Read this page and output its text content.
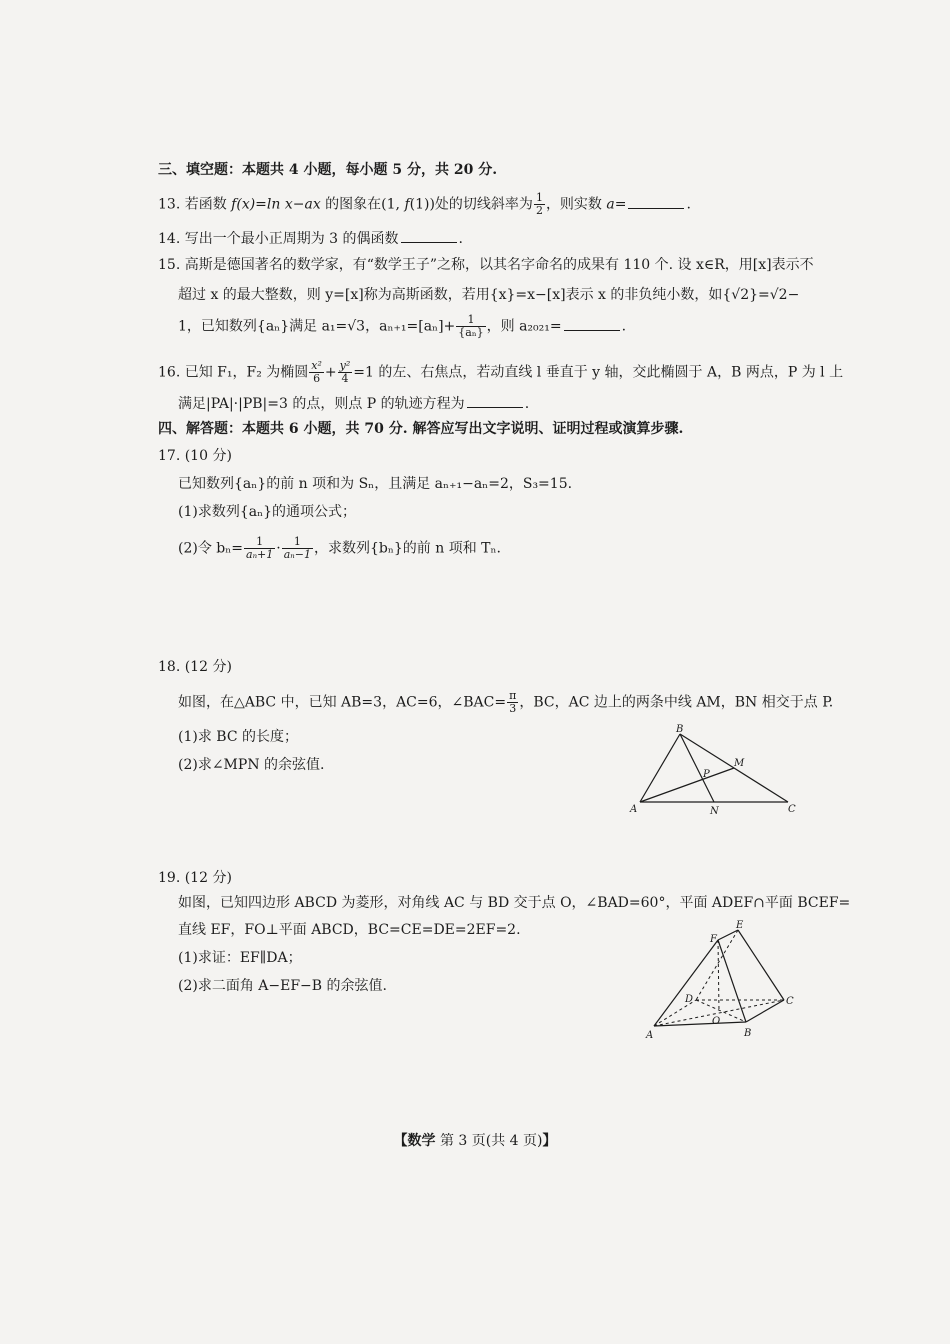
三、填空题：本题共 4 小题，每小题 5 分，共 20 分.
13. 若函数 f(x)=ln x−ax 的图象在(1, f(1))处的切线斜率为 $\frac{1}{2}$ ，则实数 a=	.
14. 写出一个最小正周期为 3 的偶函数	.
15. 高斯是德国著名的数学家，有“数学王子”之称，以其名字命名的成果有 110 个. 设 x∈R，用[x]表示不
超过 x 的最大整数，则 y=[x]称为高斯函数，若用{x}=x−[x]表示 x 的非负纯小数，如{√2}=√2−
1，已知数列{aₙ}满足 a₁=√3，$a_{n+1}=[a_n]+ \frac{1}{\text{\{aₙ\}}}$ ，则 a₂₀₂₁=	.
16. 已知 F₁，F₂ 为椭圆 $\frac{\text{x²}}{6} + \frac{\text{y²}}{4} =1$ 的左、右焦点，若动直线 l 垂直于 y 轴，交此椭圆于 A，B 两点，P 为 l 上
满足|PA|·|PB|=3 的点，则点 P 的轨迹方程为	.
四、解答题：本题共 6 小题，共 70 分. 解答应写出文字说明、证明过程或演算步骤.
17. (10 分)
已知数列{aₙ}的前 n 项和为 Sₙ，且满足 aₙ₊₁−aₙ=2，S₃=15.
(1)求数列{aₙ}的通项公式；
(2)令 $b_n= \frac{1}{\text{aₙ+1}} \cdot \frac{1}{\text{aₙ−1}}$ ，求数列{bₙ}的前 n 项和 Tₙ.
18. (12 分)
如图，在△ABC 中，已知 AB=3，AC=6，∠BAC= $\frac{\pi}{3}$ ，BC，AC 边上的两条中线 AM，BN 相交于点 P.
(1)求 BC 的长度；
(2)求∠MPN 的余弦值.
A
B
C
M
N
P
19. (12 分)
如图，已知四边形 ABCD 为菱形，对角线 AC 与 BD 交于点 O，∠BAD=60°，平面 ADEF∩平面 BCEF=
直线 EF，FO⊥平面 ABCD，BC=CE=DE=2EF=2.
(1)求证：EF∥DA；
(2)求二面角 A−EF−B 的余弦值.
A	B
C
D
E
F
O
【数学 第 3 页(共 4 页)】
